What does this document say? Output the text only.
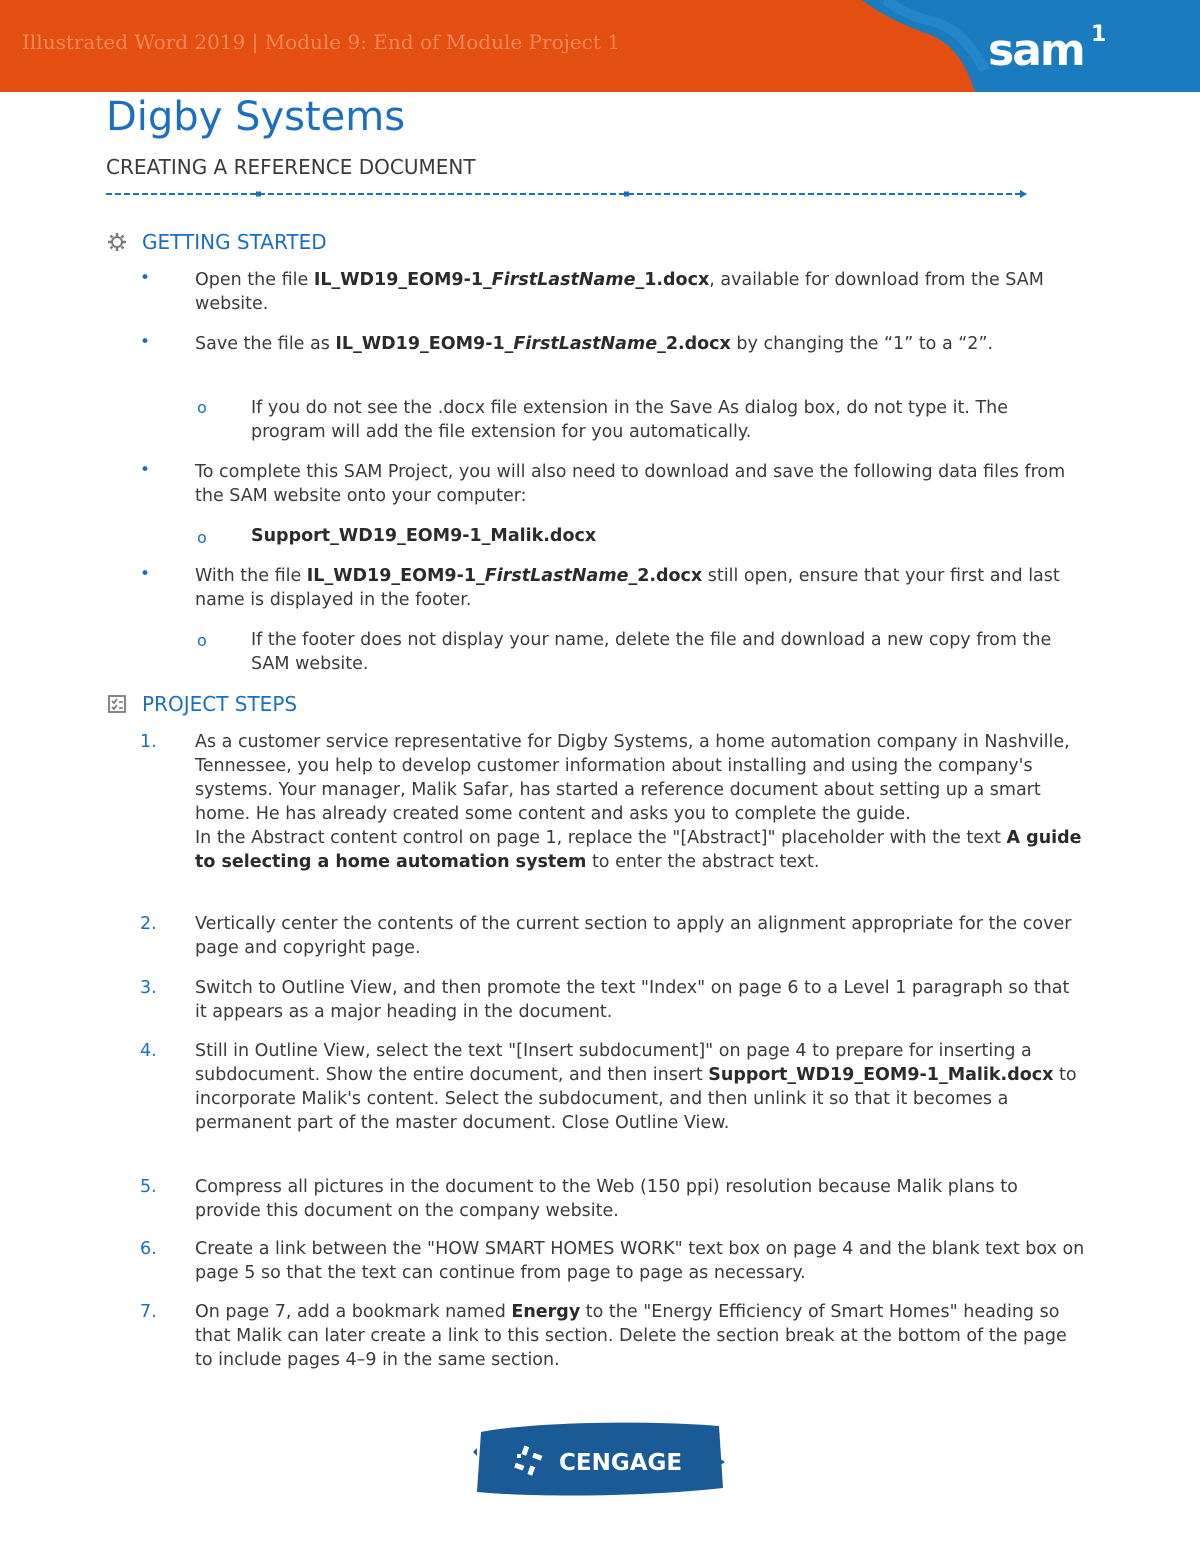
Illustrated Word 2019 | Module 9: End of Module Project 1	sam 1
Digby Systems
CREATING A REFERENCE DOCUMENT
GETTING STARTED
•	Open the file IL_WD19_EOM9-1_FirstLastName_1.docx, available for download from the SAM website.
•	Save the file as IL_WD19_EOM9-1_FirstLastName_2.docx by changing the “1” to a “2”.
o	If you do not see the .docx file extension in the Save As dialog box, do not type it. The program will add the file extension for you automatically.
•	To complete this SAM Project, you will also need to download and save the following data files from the SAM website onto your computer:
o	Support_WD19_EOM9-1_Malik.docx
•	With the file IL_WD19_EOM9-1_FirstLastName_2.docx still open, ensure that your first and last name is displayed in the footer.
o	If the footer does not display your name, delete the file and download a new copy from the SAM website.
PROJECT STEPS
1. As a customer service representative for Digby Systems, a home automation company in Nashville, Tennessee, you help to develop customer information about installing and using the company's systems. Your manager, Malik Safar, has started a reference document about setting up a smart home. He has already created some content and asks you to complete the guide.
In the Abstract content control on page 1, replace the "[Abstract]" placeholder with the text A guide to selecting a home automation system to enter the abstract text.
2. Vertically center the contents of the current section to apply an alignment appropriate for the cover page and copyright page.
3. Switch to Outline View, and then promote the text "Index" on page 6 to a Level 1 paragraph so that it appears as a major heading in the document.
4. Still in Outline View, select the text "[Insert subdocument]" on page 4 to prepare for inserting a subdocument. Show the entire document, and then insert Support_WD19_EOM9-1_Malik.docx to incorporate Malik's content. Select the subdocument, and then unlink it so that it becomes a permanent part of the master document. Close Outline View.
5. Compress all pictures in the document to the Web (150 ppi) resolution because Malik plans to provide this document on the company website.
6. Create a link between the "HOW SMART HOMES WORK" text box on page 4 and the blank text box on page 5 so that the text can continue from page to page as necessary.
7. On page 7, add a bookmark named Energy to the "Energy Efficiency of Smart Homes" heading so that Malik can later create a link to this section. Delete the section break at the bottom of the page to include pages 4–9 in the same section.
CENGAGE
